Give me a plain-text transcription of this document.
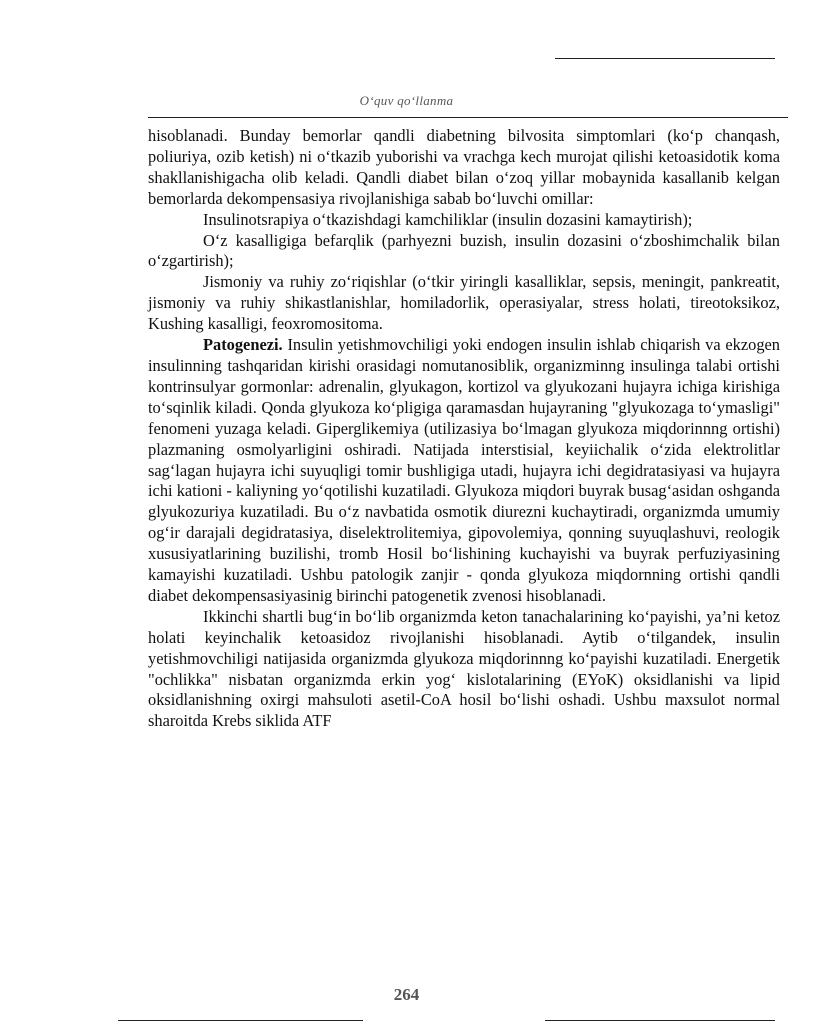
O‘quv qo‘llanma

hisoblanadi. Bunday bemorlar qandli diabetning bilvosita simptomlari (ko‘p chanqash, poliuriya, ozib ketish) ni o‘tkazib yuborishi va vrachga kech murojat qilishi ketoasidotik koma shakllanishigacha olib keladi. Qandli diabet bilan o‘zoq yillar mobaynida kasallanib kelgan bemorlarda dekompensasiya rivojlanishiga sabab bo‘luvchi omillar:

Insulinotsrapiya o‘tkazishdagi kamchiliklar (insulin dozasini kamaytirish);

O‘z kasalligiga befarqlik (parhyezni buzish, insulin dozasini o‘zboshimchalik bilan o‘zgartirish);

Jismoniy va ruhiy zo‘riqishlar (o‘tkir yiringli kasalliklar, sepsis, meningit, pankreatit, jismoniy va ruhiy shikastlanishlar, homiladorlik, operasiyalar, stress holati, tireotoksikoz, Kushing kasalligi, feoxromositoma.

Patogenezi. Insulin yetishmovchiligi yoki endogen insulin ishlab chiqarish va ekzogen insulinning tashqaridan kirishi orasidagi nomutanosiblik, organizminng insulinga talabi ortishi kontrinsulyar gormonlar: adrenalin, glyukagon, kortizol va glyukozani hujayra ichiga kirishiga to‘sqinlik kiladi. Qonda glyukoza ko‘pligiga qaramasdan hujayraning "glyukozaga to‘ymasligi" fenomeni yuzaga keladi. Giperglikemiya (utilizasiya bo‘lmagan glyukoza miqdorinnng ortishi) plazmaning osmolyarligini oshiradi. Natijada interstisial, keyiichalik o‘zida elektrolitlar sag‘lagan hujayra ichi suyuqligi tomir bushligiga utadi, hujayra ichi degidratasiyasi va hujayra ichi kationi - kaliyning yo‘qotilishi kuzatiladi. Glyukoza miqdori buyrak busag‘asidan oshganda glyukozuriya kuzatiladi. Bu o‘z navbatida osmotik diurezni kuchaytiradi, organizmda umumiy og‘ir darajali degidratasiya, diselektrolitemiya, gipovolemiya, qonning suyuqlashuvi, reologik xususiyatlarining buzilishi, tromb Hosil bo‘lishining kuchayishi va buyrak perfuziyasining kamayishi kuzatiladi. Ushbu patologik zanjir - qonda glyukoza miqdornning ortishi qandli diabet dekompensasiyasinig birinchi patogenetik zvenosi hisoblanadi.

Ikkinchi shartli bug‘in bo‘lib organizmda keton tanachalarining ko‘payishi, ya’ni ketoz holati keyinchalik ketoasidoz rivojlanishi hisoblanadi. Aytib o‘tilgandek, insulin yetishmovchiligi natijasida organizmda glyukoza miqdorinnng ko‘payishi kuzatiladi. Energetik "ochlikka" nisbatan organizmda erkin yog‘ kislotalarining (EYoK) oksidlanishi va lipid oksidlanishning oxirgi mahsuloti asetil-CoA hosil bo‘lishi oshadi. Ushbu maxsulot normal sharoitda Krebs siklida ATF

264
